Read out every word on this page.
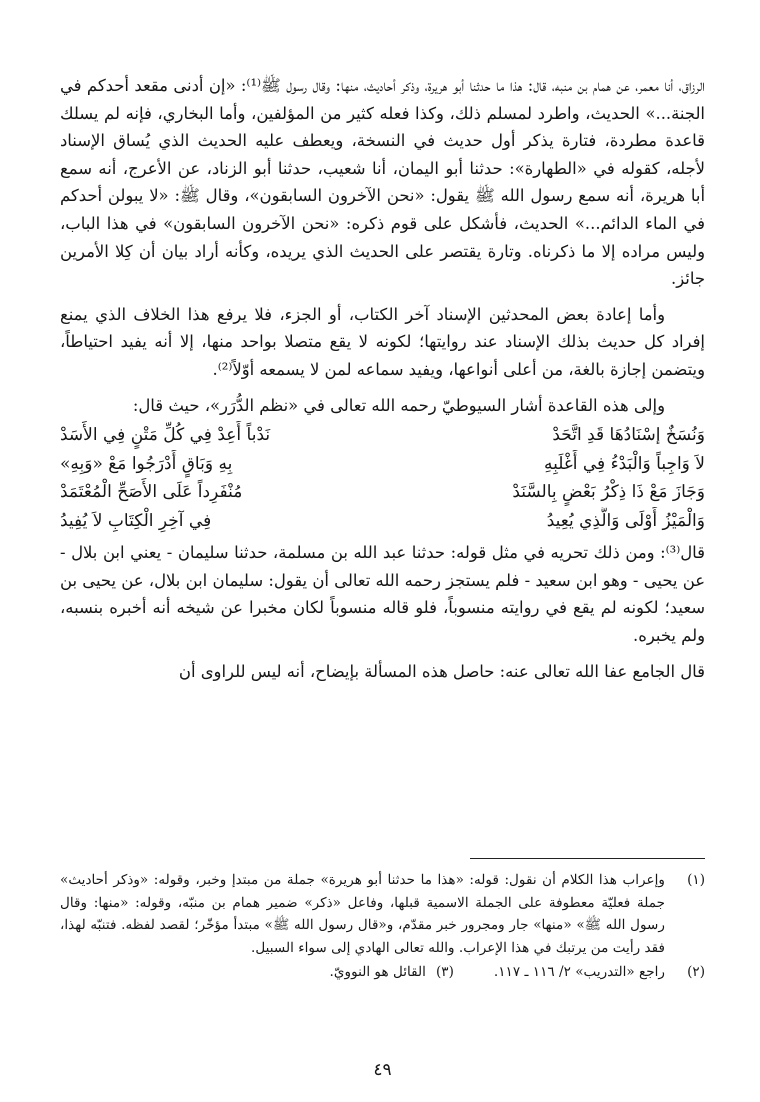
الرزاق، أنا معمر، عن همام بن منبه، قال: هذا ما حدثنا أبو هريرة، وذكر أحاديث، منها: وقال رسول ﷺ⁽¹⁾: «إن أدنى مقعد أحدكم في الجنة...» الحديث، واطرد لمسلم ذلك، وكذا فعله كثير من المؤلفين، وأما البخاري، فإنه لم يسلك قاعدة مطردة، فتارة يذكر أول حديث في النسخة، ويعطف عليه الحديث الذي يُساق الإسناد لأجله، كقوله في «الطهارة»: حدثنا أبو اليمان، أنا شعيب، حدثنا أبو الزناد، عن الأعرج، أنه سمع أبا هريرة، أنه سمع رسول الله ﷺ يقول: «نحن الآخرون السابقون»، وقال ﷺ: «لا يبولن أحدكم في الماء الدائم...» الحديث، فأشكل على قوم ذكره: «نحن الآخرون السابقون» في هذا الباب، وليس مراده إلا ما ذكرناه. وتارة يقتصر على الحديث الذي يريده، وكأنه أراد بيان أن كِلا الأمرين جائز.

وأما إعادة بعض المحدثين الإسناد آخر الكتاب، أو الجزء، فلا يرفع هذا الخلاف الذي يمنع إفراد كل حديث بذلك الإسناد عند روايتها؛ لكونه لا يقع متصلا بواحد منها، إلا أنه يفيد احتياطاً، ويتضمن إجازة بالغة، من أعلى أنواعها، ويفيد سماعه لمن لا يسمعه أوّلاً⁽²⁾.

وإلى هذه القاعدة أشار السيوطيّ رحمه الله تعالى في «نظم الدُّرَر»، حيث قال:

وَنُسَخٌ إسْنَادُهَا قَدِ اتَّحَدْ
نَدْباً أَعِدْ فِي كُلِّ مَتْنٍ فِي الأَسَدْ
لاَ وَاجِباً وَالْبَدْءُ فِي أَغْلَبِهِ
بِهِ وَبَاقٍ أَدْرَجُوا مَعْ «وَبِهِ»
وَجَازَ مَعْ ذَا ذِكْرُ بَعْضٍ بِالسَّنَدْ
مُنْفَرِداً عَلَى الأَصَحِّ الْمُعْتَمَدْ
وَالْمَيْزُ أَوْلَى وَالَّذِي يُعِيدُ
فِي آخِرِ الْكِتَابِ لاَ يُفِيدُ

قال⁽³⁾: ومن ذلك تحريه في مثل قوله: حدثنا عبد الله بن مسلمة، حدثنا سليمان - يعني ابن بلال - عن يحيى - وهو ابن سعيد - فلم يستجز رحمه الله تعالى أن يقول: سليمان ابن بلال، عن يحيى بن سعيد؛ لكونه لم يقع في روايته منسوباً، فلو قاله منسوباً لكان مخبرا عن شيخه أنه أخبره بنسبه، ولم يخبره.

قال الجامع عفا الله تعالى عنه: حاصل هذه المسألة بإيضاح، أنه ليس للراوى أن

(١)
وإعراب هذا الكلام أن نقول: قوله: «هذا ما حدثنا أبو هريرة» جملة من مبتدإ وخبر، وقوله: «وذكر أحاديث» جملة فعليّة معطوفة على الجملة الاسمية قبلها، وفاعل «ذكر» ضمير همام بن منبّه، وقوله: «منها: وقال رسول الله ﷺ» «منها» جار ومجرور خبر مقدّم، و«قال رسول الله ﷺ» مبتدأ مؤخّر؛ لقصد لفظه. فتنبّه لهذا، فقد رأيت من يرتبك في هذا الإعراب. والله تعالى الهادي إلى سواء السبيل.
(٢)
راجع «التدريب» ٢/ ١١٦ ـ ١١٧.
(٣)
القائل هو النوويّ.
٤٩
